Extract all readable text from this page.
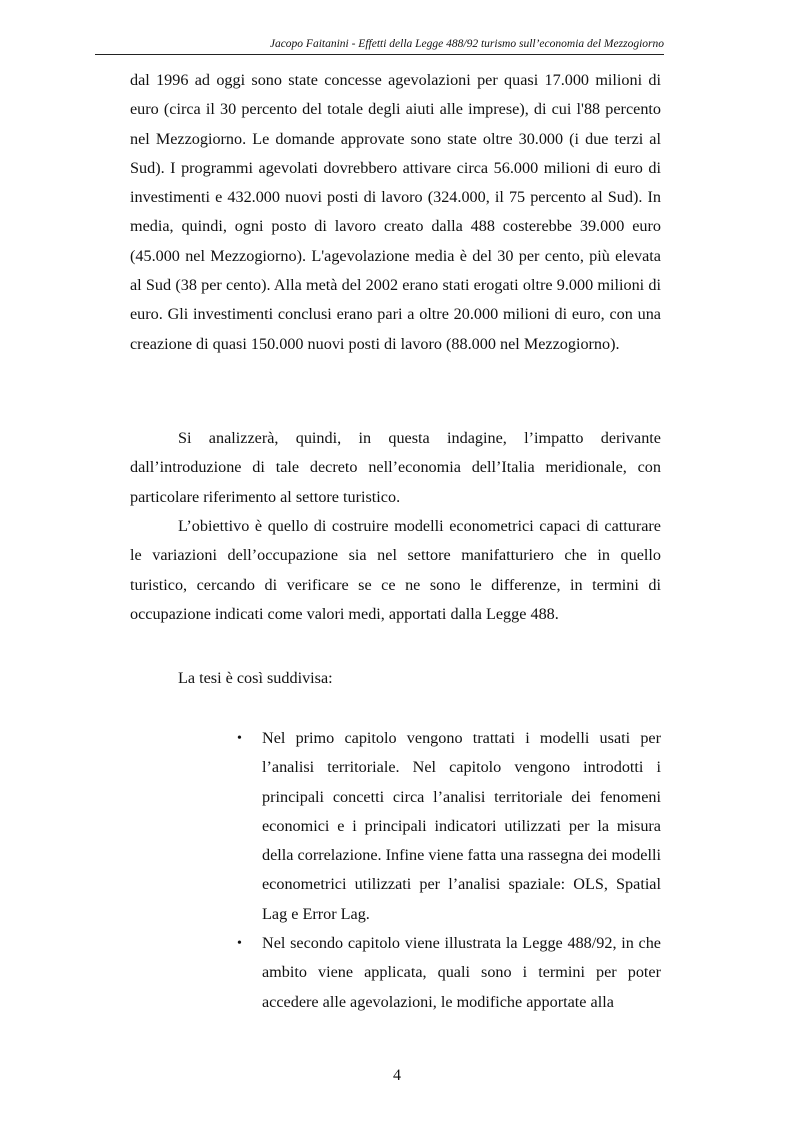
Jacopo Faitanini - Effetti della Legge 488/92 turismo sull’economia del Mezzogiorno

dal 1996 ad oggi sono state concesse agevolazioni per quasi 17.000 milioni di euro (circa il 30 percento del totale degli aiuti alle imprese), di cui l'88 percento nel Mezzogiorno. Le domande approvate sono state oltre 30.000 (i due terzi al Sud). I programmi agevolati dovrebbero attivare circa 56.000 milioni di euro di investimenti e 432.000 nuovi posti di lavoro (324.000, il 75 percento al Sud). In media, quindi, ogni posto di lavoro creato dalla 488 costerebbe 39.000 euro (45.000 nel Mezzogiorno). L'agevolazione media è del 30 per cento, più elevata al Sud (38 per cento). Alla metà del 2002 erano stati erogati oltre 9.000 milioni di euro. Gli investimenti conclusi erano pari a oltre 20.000 milioni di euro, con una creazione di quasi 150.000 nuovi posti di lavoro (88.000 nel Mezzogiorno).

Si analizzerà, quindi, in questa indagine, l’impatto derivante dall’introduzione di tale decreto nell’economia dell’Italia meridionale, con particolare riferimento al settore turistico.

L’obiettivo è quello di costruire modelli econometrici capaci di catturare le variazioni dell’occupazione sia nel settore manifatturiero che in quello turistico, cercando di verificare se ce ne sono le differenze, in termini di occupazione indicati come valori medi, apportati dalla Legge 488.

La tesi è così suddivisa:

• Nel primo capitolo vengono trattati i modelli usati per l’analisi territoriale. Nel capitolo vengono introdotti i principali concetti circa l’analisi territoriale dei fenomeni economici e i principali indicatori utilizzati per la misura della correlazione. Infine viene fatta una rassegna dei modelli econometrici utilizzati per l’analisi spaziale: OLS, Spatial Lag e Error Lag.
• Nel secondo capitolo viene illustrata la Legge 488/92, in che ambito viene applicata, quali sono i termini per poter accedere alle agevolazioni, le modifiche apportate alla
4
